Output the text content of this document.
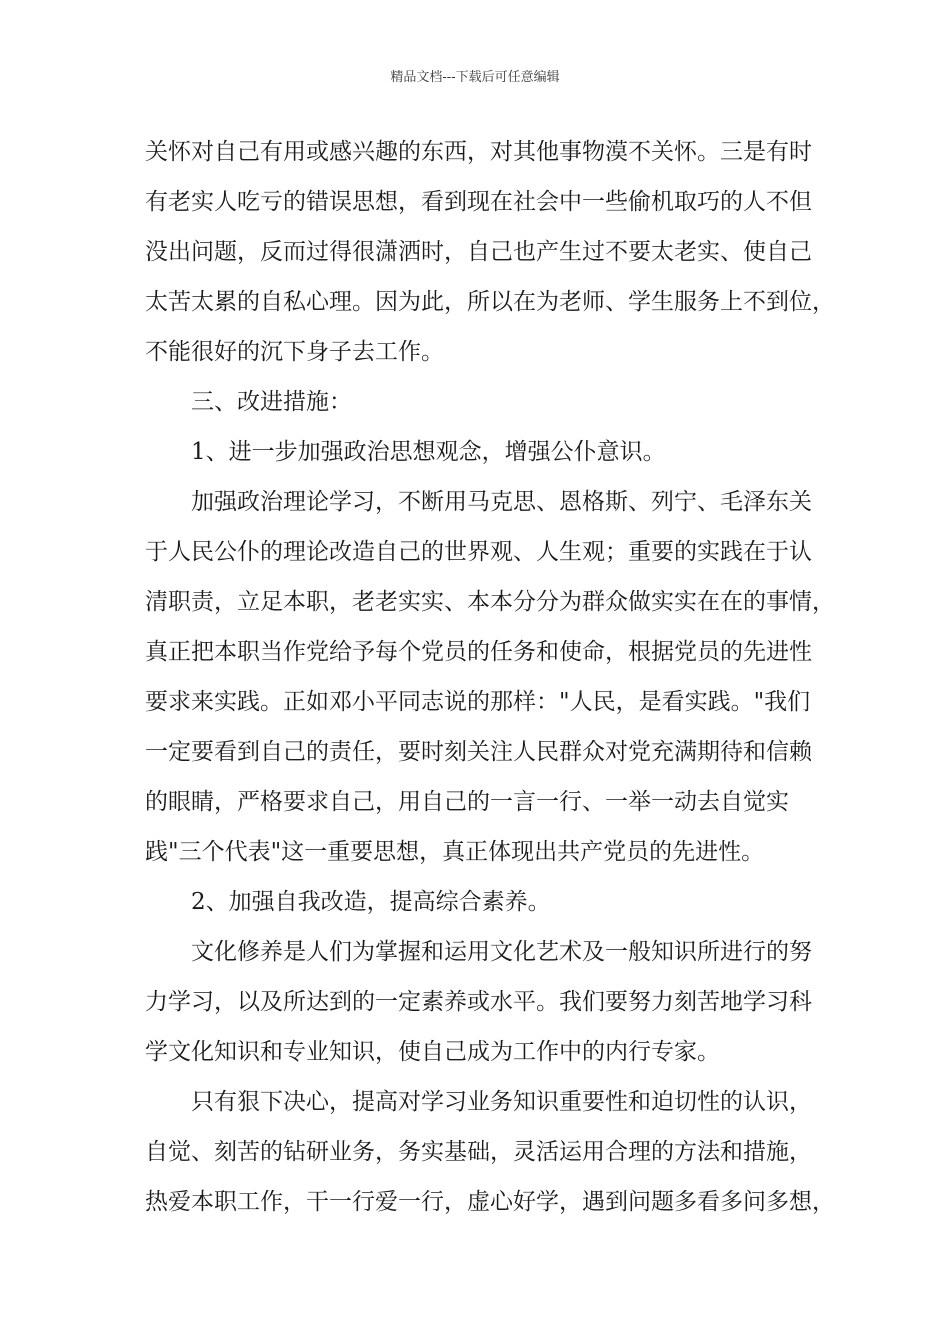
精品文档---下载后可任意编辑
关怀对自己有用或感兴趣的东西，对其他事物漠不关怀。三是有时
有老实人吃亏的错误思想，看到现在社会中一些偷机取巧的人不但
没出问题，反而过得很潇洒时，自己也产生过不要太老实、使自己
太苦太累的自私心理。因为此，所以在为老师、学生服务上不到位，
不能很好的沉下身子去工作。
三、改进措施：
1、进一步加强政治思想观念，增强公仆意识。
加强政治理论学习，不断用马克思、恩格斯、列宁、毛泽东关
于人民公仆的理论改造自己的世界观、人生观；重要的实践在于认
清职责，立足本职，老老实实、本本分分为群众做实实在在的事情，
真正把本职当作党给予每个党员的任务和使命，根据党员的先进性
要求来实践。正如邓小平同志说的那样："人民，是看实践。"我们
一定要看到自己的责任，要时刻关注人民群众对党充满期待和信赖
的眼睛，严格要求自己，用自己的一言一行、一举一动去自觉实
践"三个代表"这一重要思想，真正体现出共产党员的先进性。
2、加强自我改造，提高综合素养。
文化修养是人们为掌握和运用文化艺术及一般知识所进行的努
力学习，以及所达到的一定素养或水平。我们要努力刻苦地学习科
学文化知识和专业知识，使自己成为工作中的内行专家。
只有狠下决心，提高对学习业务知识重要性和迫切性的认识，
自觉、刻苦的钻研业务，务实基础，灵活运用合理的方法和措施，
热爱本职工作，干一行爱一行，虚心好学，遇到问题多看多问多想，
